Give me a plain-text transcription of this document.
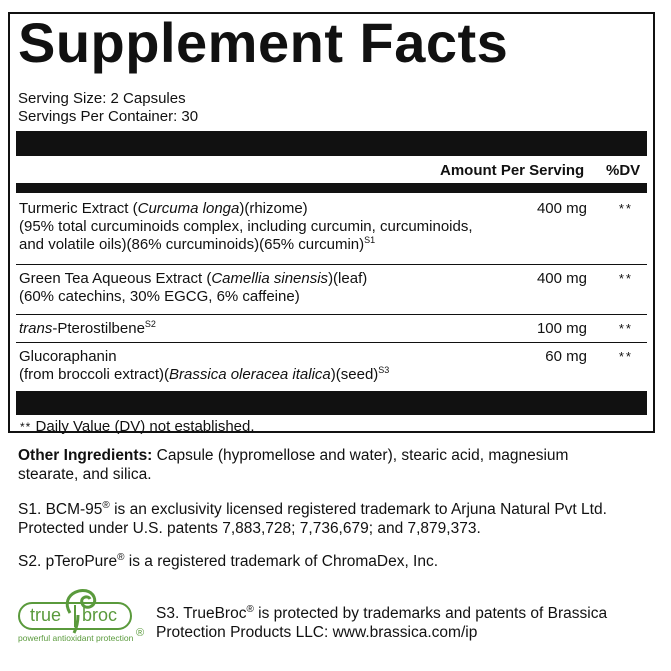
Supplement Facts
Serving Size: 2 Capsules
Servings Per Container: 30
Amount Per Serving %DV
Turmeric Extract (Curcuma longa)(rhizome)
(95% total curcuminoids complex, including curcumin, curcuminoids,
and volatile oils)(86% curcuminoids)(65% curcumin)$^{S1}$
400 mg **
Green Tea Aqueous Extract (Camellia sinensis)(leaf)
(60% catechins, 30% EGCG, 6% caffeine)
400 mg **
trans-Pterostilbene$^{S2}$	100 mg **
Glucoraphanin
(from broccoli extract)(Brassica oleracea italica)(seed)$^{S3}$
60 mg **
** Daily Value (DV) not established.
Other Ingredients: Capsule (hypromellose and water), stearic acid, magnesium
stearate, and silica.
S1. BCM-95® is an exclusivity licensed registered trademark to Arjuna Natural Pvt Ltd.
Protected under U.S. patents 7,883,728; 7,736,679; and 7,879,373.
S2. pTeroPure® is a registered trademark of ChromaDex, Inc.
true broc
®
powerful antioxidant protection
S3. TrueBroc® is protected by trademarks and patents of Brassica
Protection Products LLC: www.brassica.com/ip
